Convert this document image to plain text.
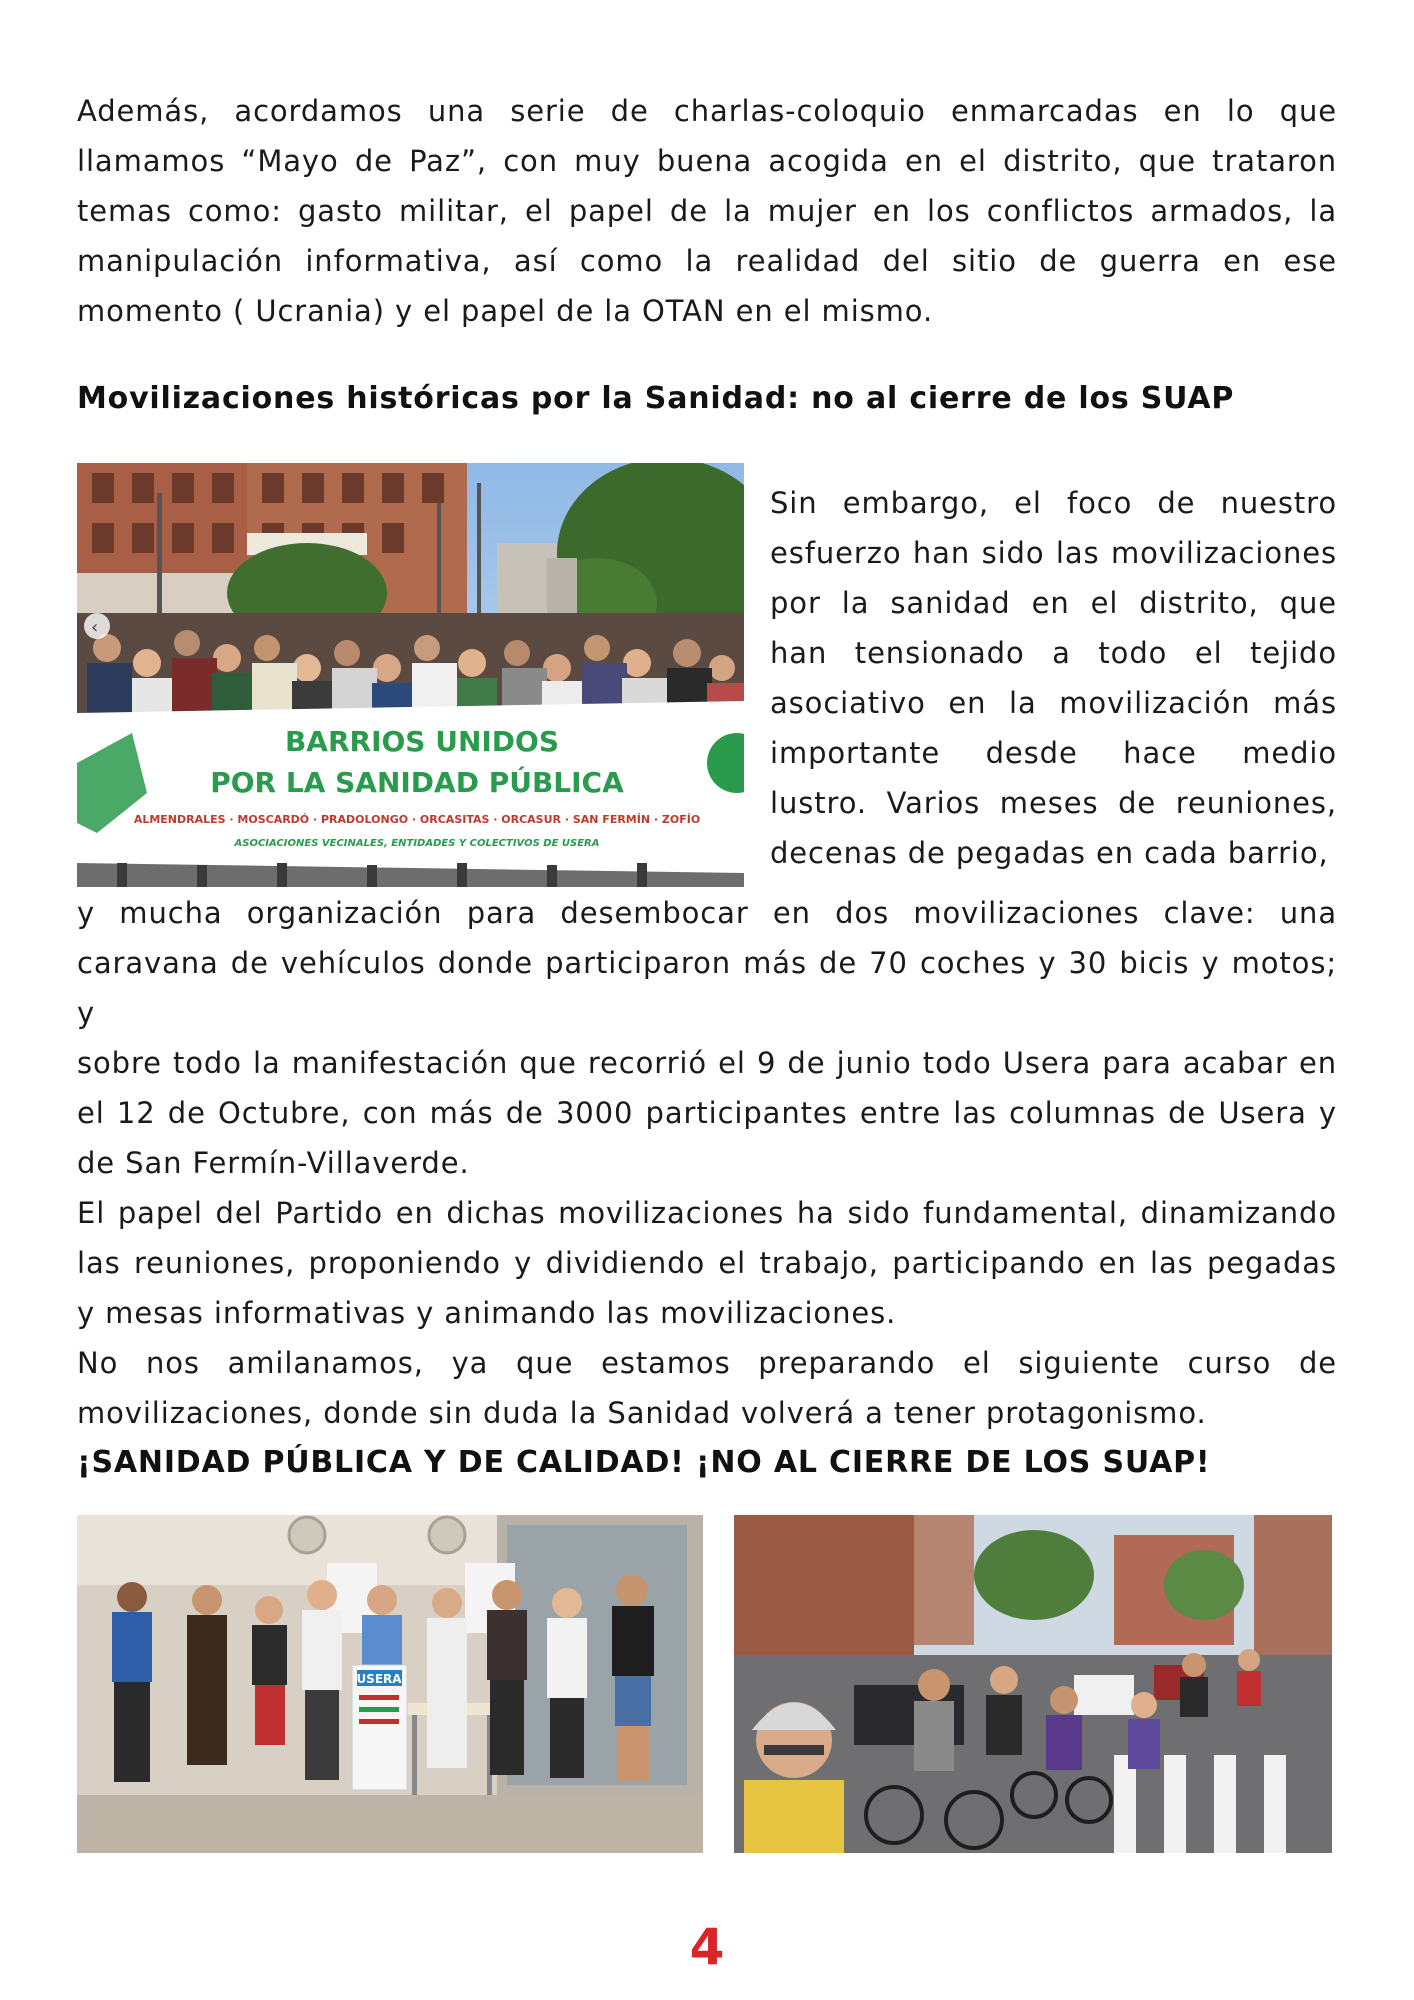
Además, acordamos una serie de charlas-coloquio enmarcadas en lo que
llamamos “Mayo de Paz”, con muy buena acogida en el distrito, que trataron
temas como: gasto militar, el papel de la mujer en los conflictos armados, la
manipulación informativa, así como la realidad del sitio de guerra en ese
momento ( Ucrania) y el papel de la OTAN en el mismo.
Movilizaciones históricas por la Sanidad: no al cierre de los SUAP
‹
BARRIOS UNIDOS
POR LA SANIDAD PÚBLICA
ALMENDRALES · MOSCARDÓ · PRADOLONGO · ORCASITAS · ORCASUR · SAN FERMÍN · ZOFÍO
ASOCIACIONES VECINALES, ENTIDADES Y COLECTIVOS DE USERA
Sin embargo, el foco de nuestro
esfuerzo han sido las movilizaciones
por la sanidad en el distrito, que
han tensionado a todo el tejido
asociativo en la movilización más
importante desde hace medio
lustro. Varios meses de reuniones,
decenas de pegadas en cada barrio,
y mucha organización para desembocar en dos movilizaciones clave: una
caravana de vehículos donde participaron más de 70 coches y 30 bicis y motos; y
sobre todo la manifestación que recorrió el 9 de junio todo Usera para acabar en
el 12 de Octubre, con más de 3000 participantes entre las columnas de Usera y
de San Fermín-Villaverde.
El papel del Partido en dichas movilizaciones ha sido fundamental, dinamizando
las reuniones, proponiendo y dividiendo el trabajo, participando en las pegadas
y mesas informativas y animando las movilizaciones.
No nos amilanamos, ya que estamos preparando el siguiente curso de
movilizaciones, donde sin duda la Sanidad volverá a tener protagonismo.
¡SANIDAD PÚBLICA Y DE CALIDAD! ¡NO AL CIERRE DE LOS SUAP!
USERA
4
